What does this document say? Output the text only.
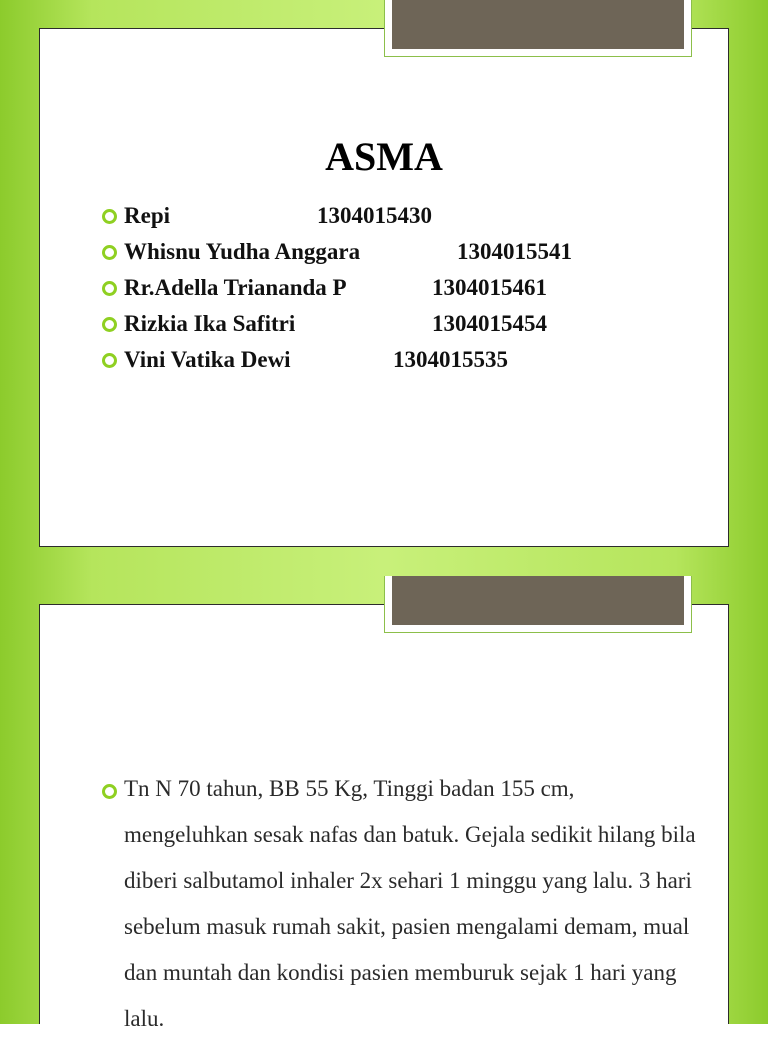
ASMA
Repi	1304015430
Whisnu Yudha Anggara	1304015541
Rr.Adella Triananda P	1304015461
Rizkia Ika Safitri	1304015454
Vini Vatika Dewi	1304015535

Tn N 70 tahun, BB 55 Kg, Tinggi badan 155 cm, mengeluhkan sesak nafas dan batuk. Gejala sedikit hilang bila diberi salbutamol inhaler 2x sehari 1 minggu yang lalu. 3 hari sebelum masuk rumah sakit, pasien mengalami demam, mual dan muntah dan kondisi pasien memburuk sejak 1 hari yang lalu.
